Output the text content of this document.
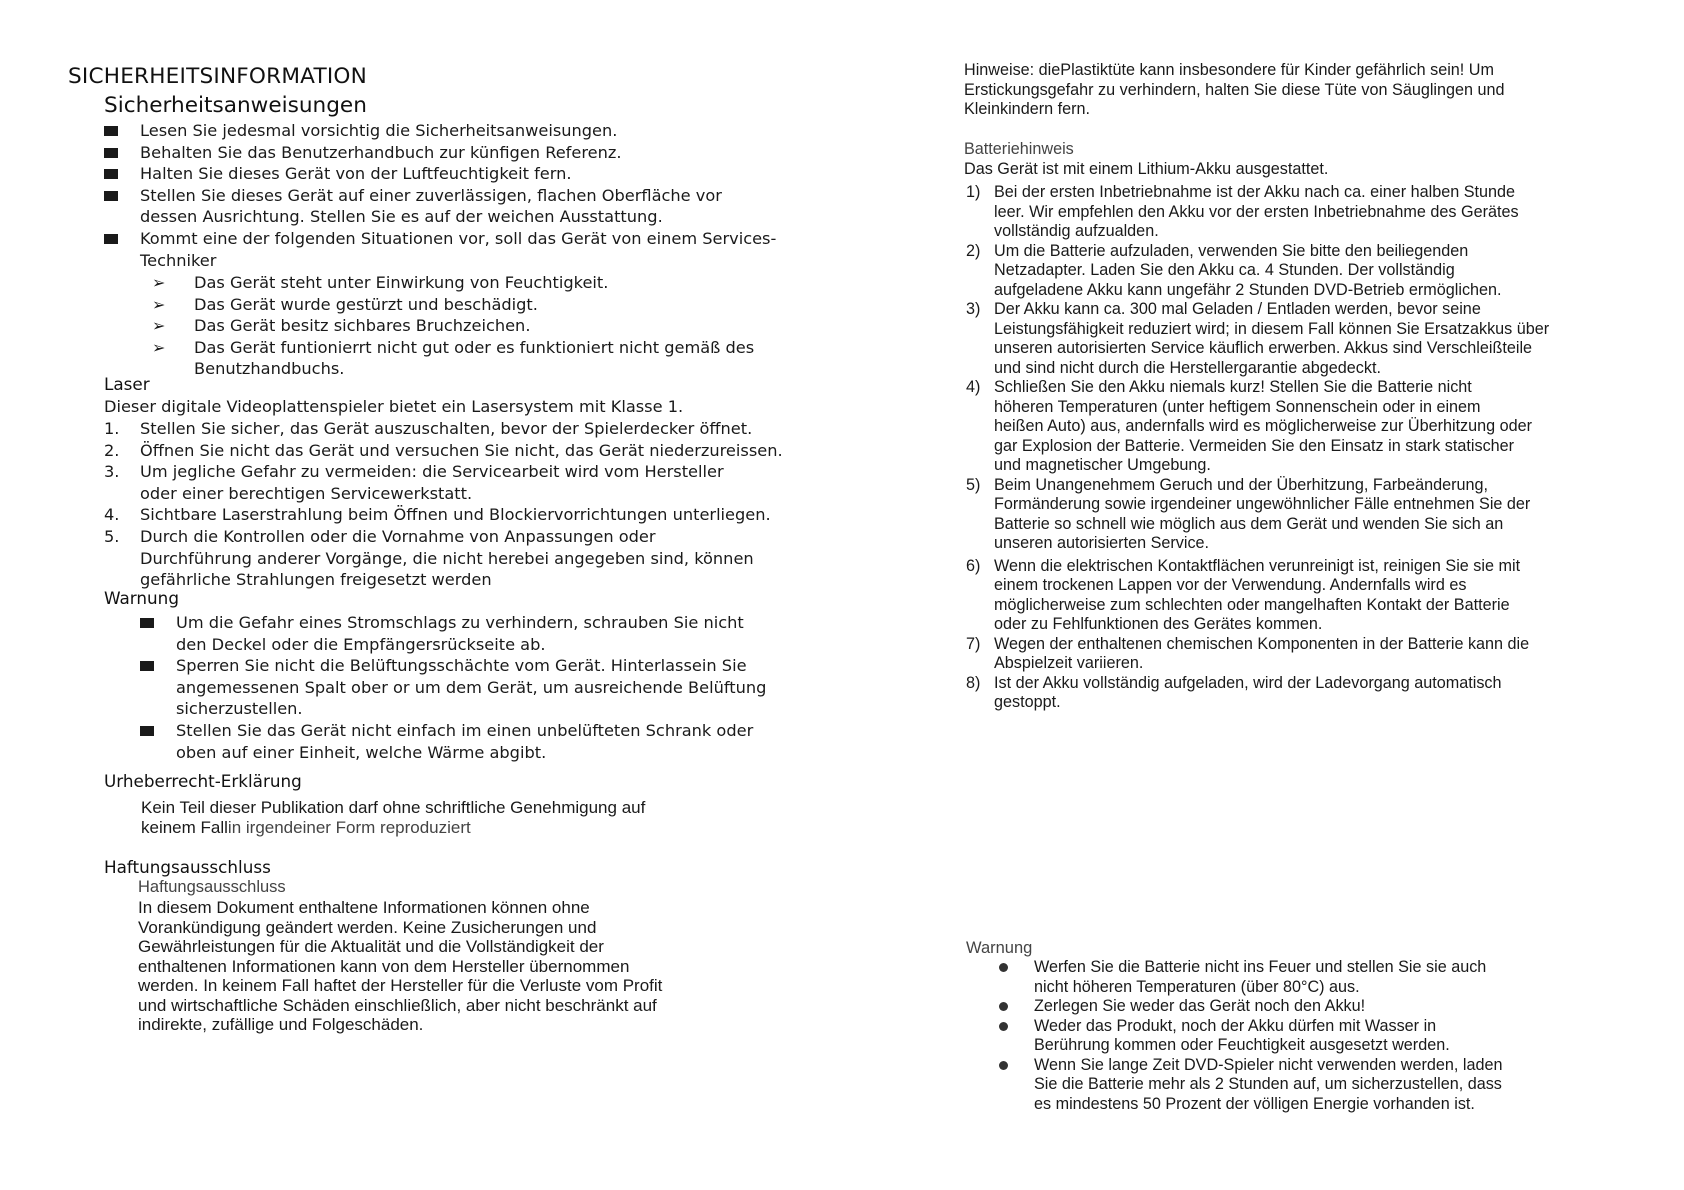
SICHERHEITSINFORMATION
Sicherheitsanweisungen
Lesen Sie jedesmal vorsichtig die Sicherheitsanweisungen.
Behalten Sie das Benutzerhandbuch zur künfigen Referenz.
Halten Sie dieses Gerät von der Luftfeuchtigkeit fern.
Stellen Sie dieses Gerät auf einer zuverlässigen, flachen Oberfläche vor dessen Ausrichtung. Stellen Sie es auf der weichen Ausstattung.
Kommt eine der folgenden Situationen vor, soll das Gerät von einem Services-Techniker
➢ Das Gerät steht unter Einwirkung von Feuchtigkeit.
➢ Das Gerät wurde gestürzt und beschädigt.
➢ Das Gerät besitz sichbares Bruchzeichen.
➢ Das Gerät funtionierrt nicht gut oder es funktioniert nicht gemäß des Benutzhandbuchs.
Laser
Dieser digitale Videoplattenspieler bietet ein Lasersystem mit Klasse 1.
1. Stellen Sie sicher, das Gerät auszuschalten, bevor der Spielerdecker öffnet.
2. Öffnen Sie nicht das Gerät und versuchen Sie nicht, das Gerät niederzureissen.
3. Um jegliche Gefahr zu vermeiden: die Servicearbeit wird vom Hersteller oder einer berechtigen Servicewerkstatt.
4. Sichtbare Laserstrahlung beim Öffnen und Blockiervorrichtungen unterliegen.
5. Durch die Kontrollen oder die Vornahme von Anpassungen oder Durchführung anderer Vorgänge, die nicht herebei angegeben sind, können gefährliche Strahlungen freigesetzt werden
Warnung
Um die Gefahr eines Stromschlags zu verhindern, schrauben Sie nicht den Deckel oder die Empfängersrückseite ab.
Sperren Sie nicht die Belüftungsschächte vom Gerät. Hinterlassein Sie angemessenen Spalt ober or um dem Gerät, um ausreichende Belüftung sicherzustellen.
Stellen Sie das Gerät nicht einfach im einen unbelüfteten Schrank oder oben auf einer Einheit, welche Wärme abgibt.
Urheberrecht-Erklärung
Kein Teil dieser Publikation darf ohne schriftliche Genehmigung auf
keinem Fallin irgendeiner Form reproduziert
Haftungsausschluss
Haftungsausschluss
In diesem Dokument enthaltene Informationen können ohne Vorankündigung geändert werden. Keine Zusicherungen und Gewährleistungen für die Aktualität und die Vollständigkeit der enthaltenen Informationen kann von dem Hersteller übernommen werden. In keinem Fall haftet der Hersteller für die Verluste vom Profit und wirtschaftliche Schäden einschließlich, aber nicht beschränkt auf indirekte, zufällige und Folgeschäden.
Hinweise: diePlastiktüte kann insbesondere für Kinder gefährlich sein! Um Erstickungsgefahr zu verhindern, halten Sie diese Tüte von Säuglingen und Kleinkindern fern.
Batteriehinweis
Das Gerät ist mit einem Lithium-Akku ausgestattet.
1) Bei der ersten Inbetriebnahme ist der Akku nach ca. einer halben Stunde leer. Wir empfehlen den Akku vor der ersten Inbetriebnahme des Gerätes vollständig aufzualden.
2) Um die Batterie aufzuladen, verwenden Sie bitte den beiliegenden Netzadapter. Laden Sie den Akku ca. 4 Stunden. Der vollständig aufgeladene Akku kann ungefähr 2 Stunden DVD-Betrieb ermöglichen.
3) Der Akku kann ca. 300 mal Geladen / Entladen werden, bevor seine Leistungsfähigkeit reduziert wird; in diesem Fall können Sie Ersatzakkus über unseren autorisierten Service käuflich erwerben. Akkus sind Verschleißteile und sind nicht durch die Herstellergarantie abgedeckt.
4) Schließen Sie den Akku niemals kurz! Stellen Sie die Batterie nicht höheren Temperaturen (unter heftigem Sonnenschein oder in einem heißen Auto) aus, andernfalls wird es möglicherweise zur Überhitzung oder gar Explosion der Batterie. Vermeiden Sie den Einsatz in stark statischer und magnetischer Umgebung.
5) Beim Unangenehmem Geruch und der Überhitzung, Farbeänderung, Formänderung sowie irgendeiner ungewöhnlicher Fälle entnehmen Sie der Batterie so schnell wie möglich aus dem Gerät und wenden Sie sich an unseren autorisierten Service.
6) Wenn die elektrischen Kontaktflächen verunreinigt ist, reinigen Sie sie mit einem trockenen Lappen vor der Verwendung. Andernfalls wird es möglicherweise zum schlechten oder mangelhaften Kontakt der Batterie oder zu Fehlfunktionen des Gerätes kommen.
7) Wegen der enthaltenen chemischen Komponenten in der Batterie kann die Abspielzeit variieren.
8) Ist der Akku vollständig aufgeladen, wird der Ladevorgang automatisch gestoppt.
Warnung
Werfen Sie die Batterie nicht ins Feuer und stellen Sie sie auch nicht höheren Temperaturen (über 80°C) aus.
Zerlegen Sie weder das Gerät noch den Akku!
Weder das Produkt, noch der Akku dürfen mit Wasser in Berührung kommen oder Feuchtigkeit ausgesetzt werden.
Wenn Sie lange Zeit DVD-Spieler nicht verwenden werden, laden Sie die Batterie mehr als 2 Stunden auf, um sicherzustellen, dass es mindestens 50 Prozent der völligen Energie vorhanden ist.
